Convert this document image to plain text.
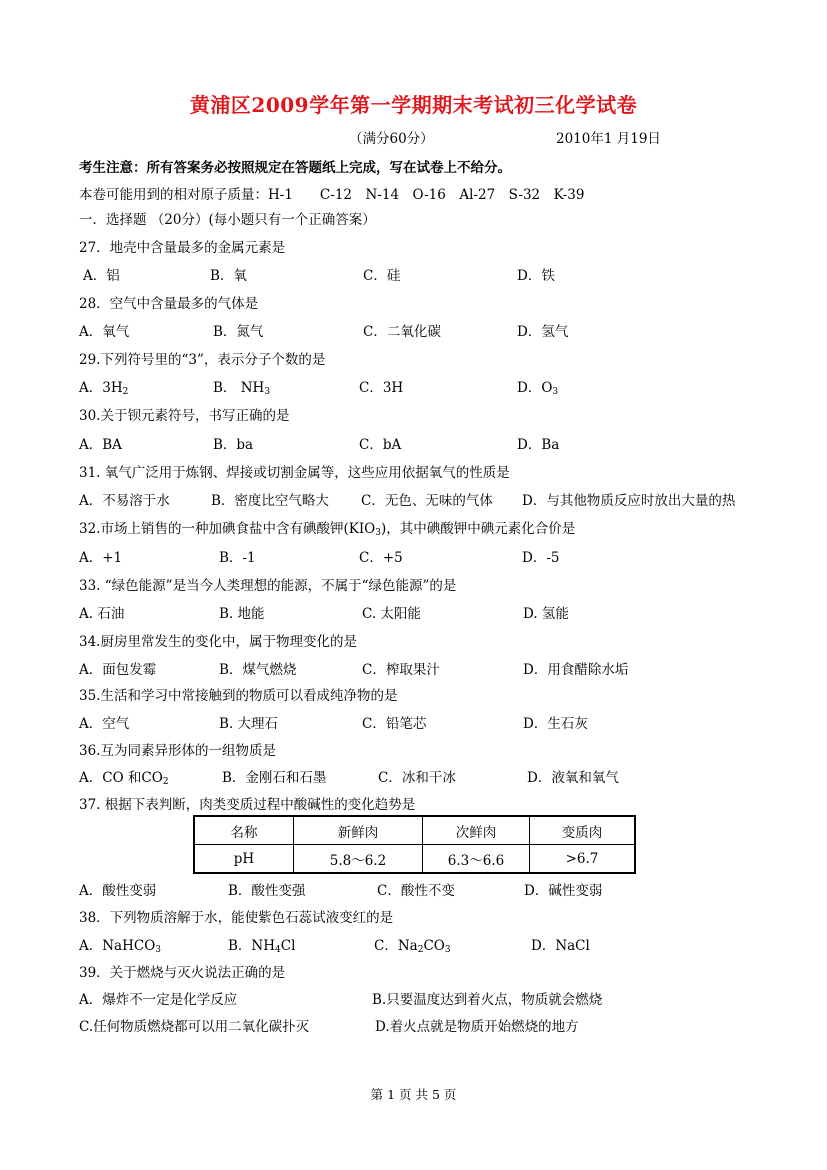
黄浦区2009学年第一学期期末考试初三化学试卷
（满分60分）	2010年1 月19日
考生注意：所有答案务必按照规定在答题纸上完成，写在试卷上不给分。
本卷可能用到的相对原子质量：H-1　　C-12　N-14　O-16　Al-27　S-32　K-39
一．选择题 （20分）(每小题只有一个正确答案）
27．地壳中含量最多的金属元素是
A．铝	B．氧	C．硅	D．铁
28．空气中含量最多的气体是
A．氧气	B．氮气	C．二氧化碳	D．氢气
29.下列符号里的“3”，表示分子个数的是
A．$3H_2$	B． $NH_3$	C．3H	D．$O_3$
30.关于钡元素符号，书写正确的是
A．BA	B．ba	C．bA	D．Ba
31. 氧气广泛用于炼钢、焊接或切割金属等，这些应用依据氧气的性质是
A．不易溶于水	B．密度比空气略大 C．无色、无味的气体 D．与其他物质反应时放出大量的热
32.市场上销售的一种加碘食盐中含有碘酸钾$(KIO_3)$，其中碘酸钾中碘元素化合价是
A．+1	B．-1	C．+5	D．-5
33. “绿色能源”是当今人类理想的能源，不属于“绿色能源”的是
A. 石油	B. 地能	C. 太阳能	D. 氢能
34.厨房里常发生的变化中，属于物理变化的是
A．面包发霉	B．煤气燃烧	C．榨取果汁	D．用食醋除水垢
35.生活和学习中常接触到的物质可以看成纯净物的是
A．空气	B. 大理石	C．铅笔芯	D．生石灰
36.互为同素异形体的一组物质是
A．CO 和$CO_2$	B．金刚石和石墨	C．冰和干冰	D．液氧和氧气
37. 根据下表判断，肉类变质过程中酸碱性的变化趋势是
名称	新鲜肉	次鲜肉	变质肉
pH	5.8～6.2	6.3～6.6	>6.7
A．酸性变弱	B．酸性变强	C．酸性不变	D．碱性变弱
38．下列物质溶解于水，能使紫色石蕊试液变红的是
A．NaHCO$_3$	B．$NH_4Cl$	C．$Na_2CO_3$	D．NaCl
39．关于燃烧与灭火说法正确的是
A．爆炸不一定是化学反应	B.只要温度达到着火点，物质就会燃烧
C.任何物质燃烧都可以用二氧化碳扑灭	D.着火点就是物质开始燃烧的地方
第 1 页 共 5 页
